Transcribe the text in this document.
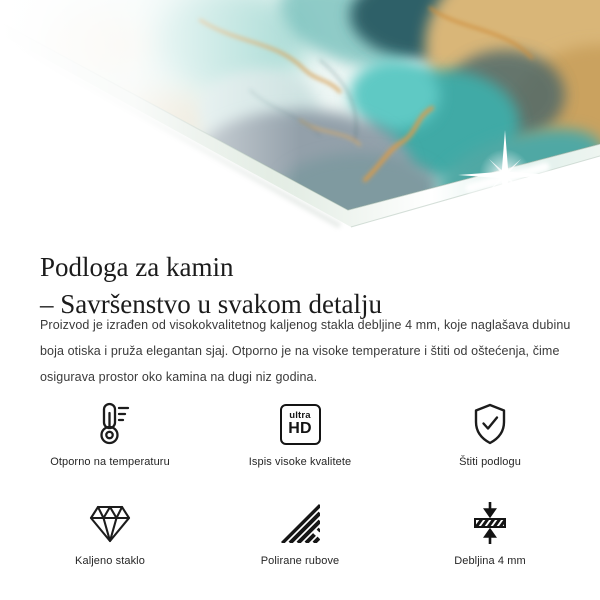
Podloga za kamin
– Savršenstvo u svakom detalju
Proizvod je izrađen od visokokvalitetnog kaljenog stakla debljine 4 mm, koje naglašava dubinu
boja otiska i pruža elegantan sjaj. Otporno je na visoke temperature i štiti od oštećenja, čime
osigurava prostor oko kamina na dugi niz godina.
Otporno na temperaturu
ultra
HD
Ispis visoke kvalitete	Štiti podlogu
Kaljeno staklo	Polirane rubove	Debljina 4 mm
